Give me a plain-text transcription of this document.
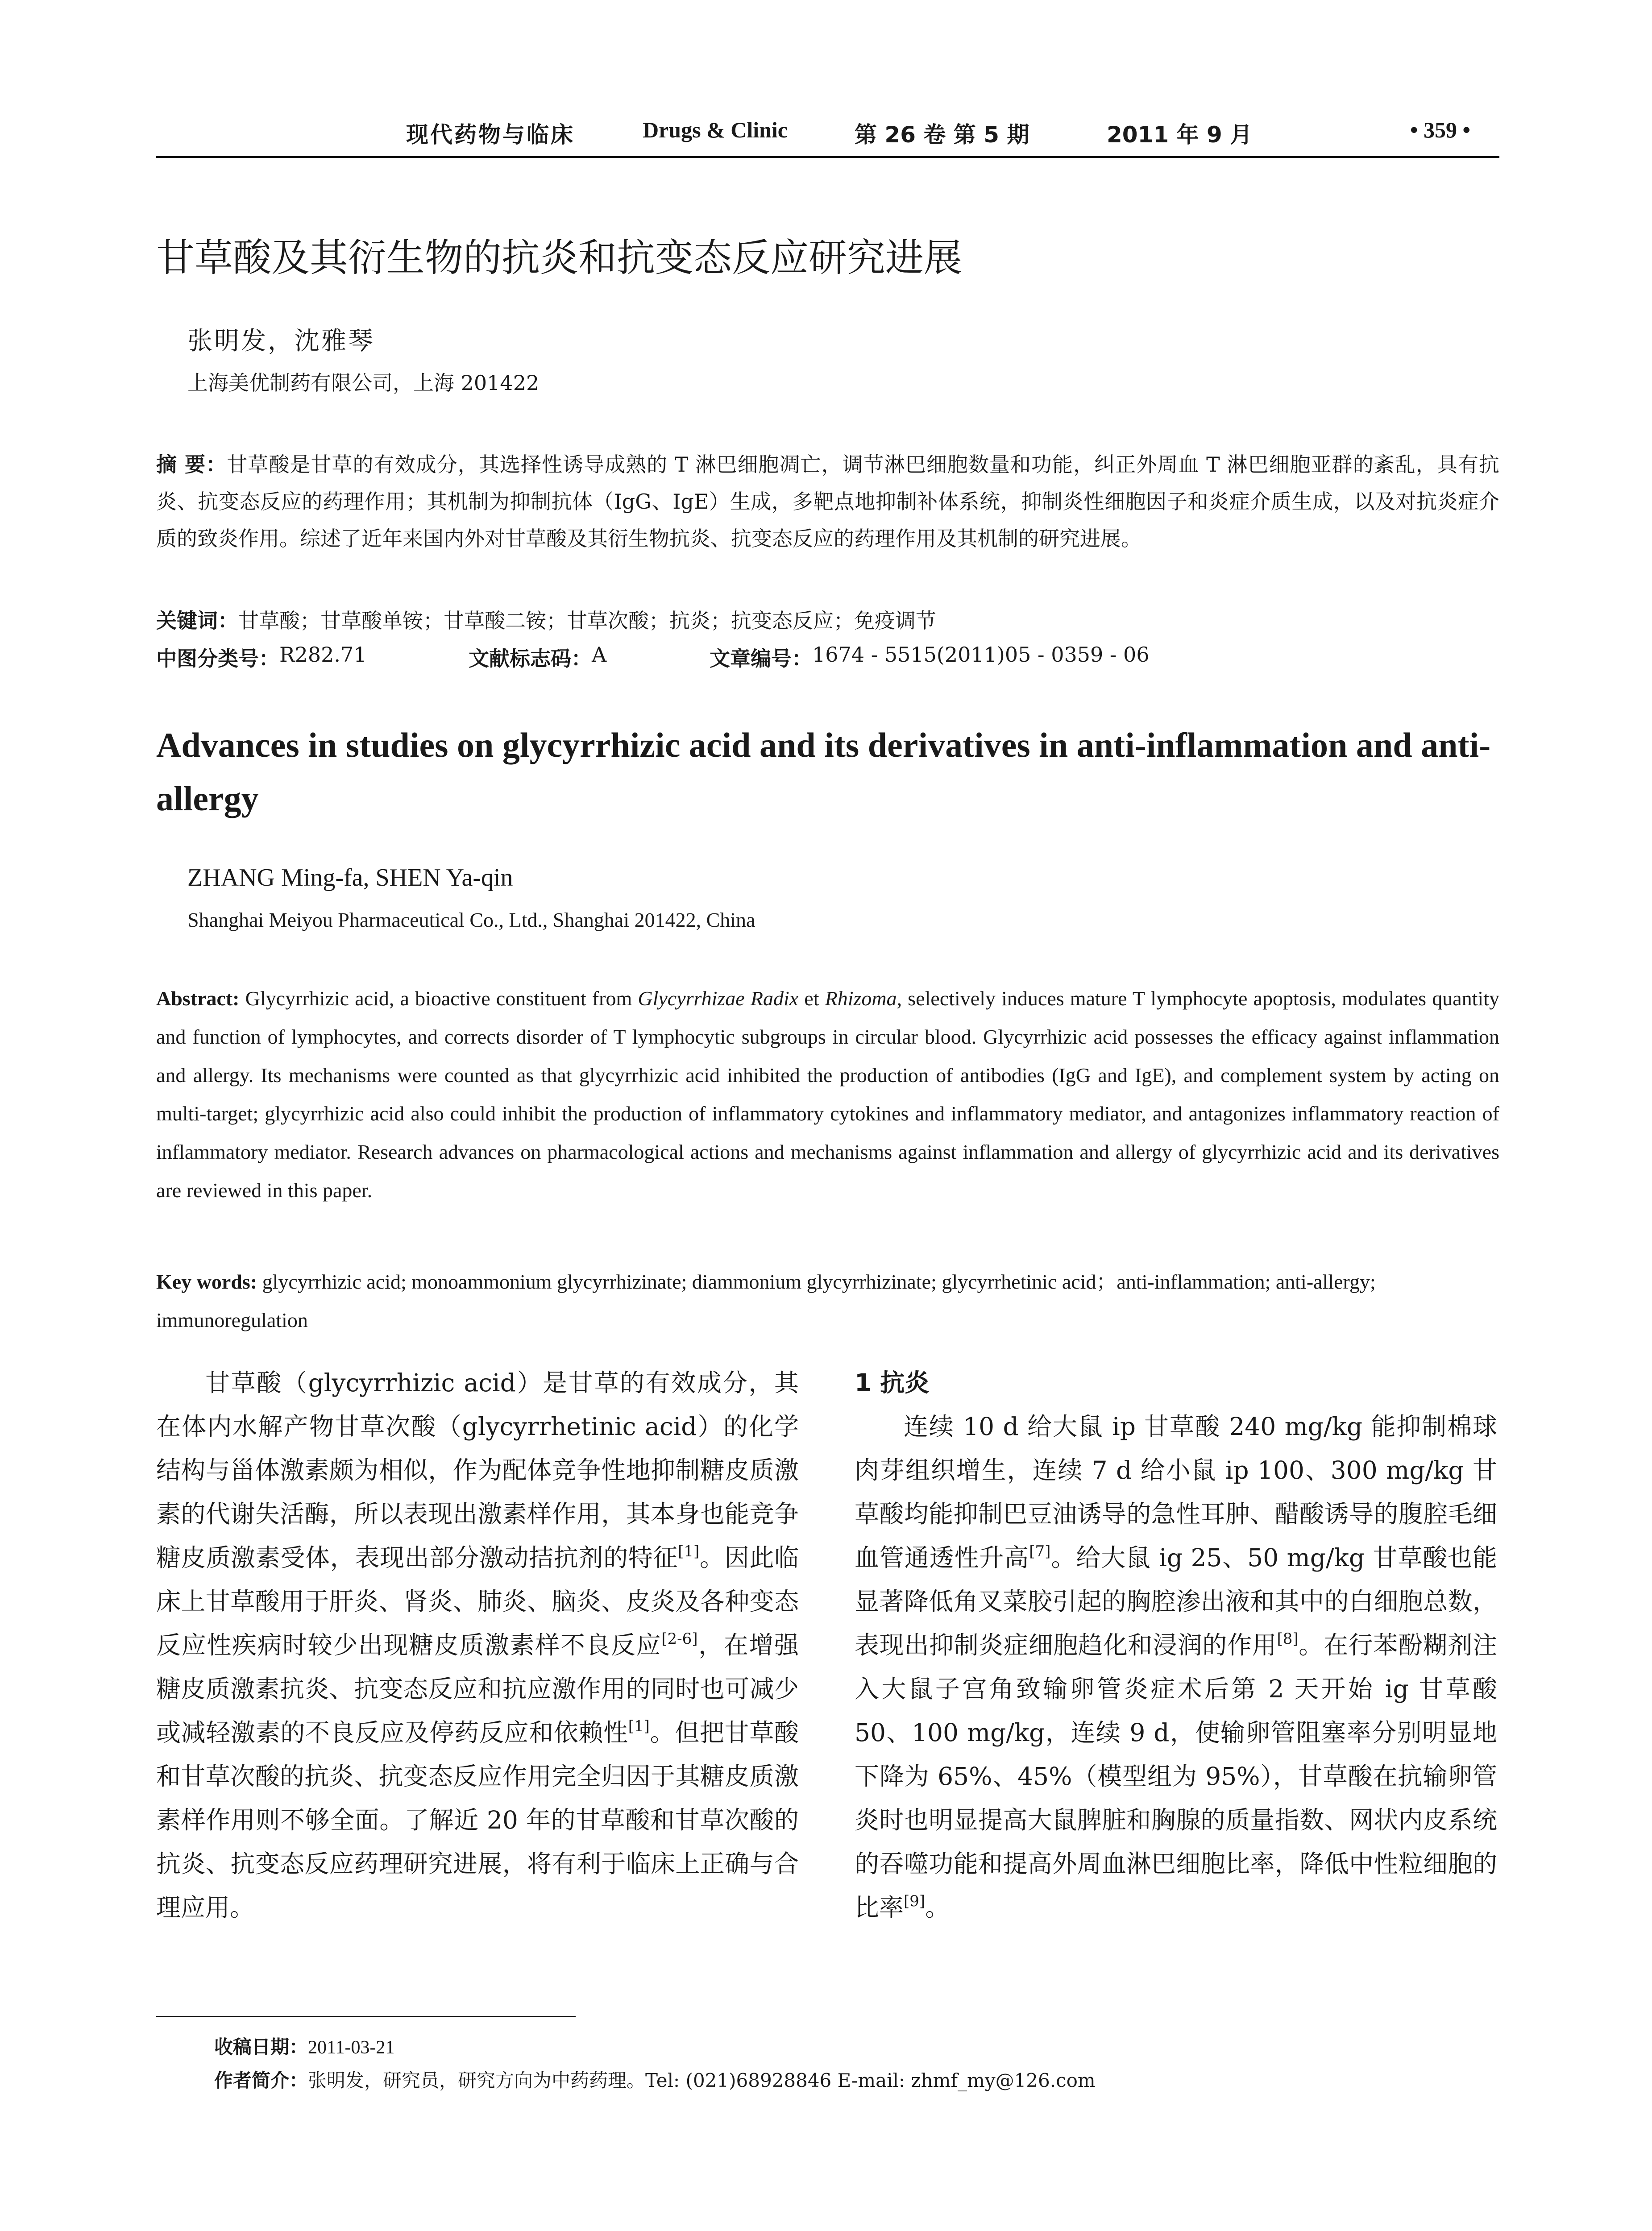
现代药物与临床	Drugs & Clinic	第 26 卷 第 5 期	2011 年 9 月	• 359 •
甘草酸及其衍生物的抗炎和抗变态反应研究进展
张明发，沈雅琴
上海美优制药有限公司，上海 201422
摘 要：甘草酸是甘草的有效成分，其选择性诱导成熟的 T 淋巴细胞凋亡，调节淋巴细胞数量和功能，纠正外周血 T 淋巴细胞亚群的紊乱，具有抗炎、抗变态反应的药理作用；其机制为抑制抗体（IgG、IgE）生成，多靶点地抑制补体系统，抑制炎性细胞因子和炎症介质生成，以及对抗炎症介质的致炎作用。综述了近年来国内外对甘草酸及其衍生物抗炎、抗变态反应的药理作用及其机制的研究进展。
关键词：甘草酸；甘草酸单铵；甘草酸二铵；甘草次酸；抗炎；抗变态反应；免疫调节
中图分类号： R282.71	文献标志码： A	文章编号： 1674 - 5515(2011)05 - 0359 - 06
Advances in studies on glycyrrhizic acid and its derivatives in anti-inflammation and anti-allergy
ZHANG Ming-fa, SHEN Ya-qin
Shanghai Meiyou Pharmaceutical Co., Ltd., Shanghai 201422, China
Abstract: Glycyrrhizic acid, a bioactive constituent from Glycyrrhizae Radix et Rhizoma, selectively induces mature T lymphocyte apoptosis, modulates quantity and function of lymphocytes, and corrects disorder of T lymphocytic subgroups in circular blood. Glycyrrhizic acid possesses the efficacy against inflammation and allergy. Its mechanisms were counted as that glycyrrhizic acid inhibited the production of antibodies (IgG and IgE), and complement system by acting on multi-target; glycyrrhizic acid also could inhibit the production of inflammatory cytokines and inflammatory mediator, and antagonizes inflammatory reaction of inflammatory mediator. Research advances on pharmacological actions and mechanisms against inflammation and allergy of glycyrrhizic acid and its derivatives are reviewed in this paper.
Key words: glycyrrhizic acid; monoammonium glycyrrhizinate; diammonium glycyrrhizinate; glycyrrhetinic acid；anti-inflammation; anti-allergy; immunoregulation
甘草酸（glycyrrhizic acid）是甘草的有效成分，其在体内水解产物甘草次酸（glycyrrhetinic acid）的化学结构与甾体激素颇为相似，作为配体竞争性地抑制糖皮质激素的代谢失活酶，所以表现出激素样作用，其本身也能竞争糖皮质激素受体，表现出部分激动拮抗剂的特征[1]。因此临床上甘草酸用于肝炎、肾炎、肺炎、脑炎、皮炎及各种变态反应性疾病时较少出现糖皮质激素样不良反应[2-6]，在增强糖皮质激素抗炎、抗变态反应和抗应激作用的同时也可减少或减轻激素的不良反应及停药反应和依赖性[1]。但把甘草酸和甘草次酸的抗炎、抗变态反应作用完全归因于其糖皮质激素样作用则不够全面。了解近 20 年的甘草酸和甘草次酸的抗炎、抗变态反应药理研究进展，将有利于临床上正确与合理应用。
1 抗炎
连续 10 d 给大鼠 ip 甘草酸 240 mg/kg 能抑制棉球肉芽组织增生，连续 7 d 给小鼠 ip 100、300 mg/kg 甘草酸均能抑制巴豆油诱导的急性耳肿、醋酸诱导的腹腔毛细血管通透性升高[7]。给大鼠 ig 25、50 mg/kg 甘草酸也能显著降低角叉菜胶引起的胸腔渗出液和其中的白细胞总数，表现出抑制炎症细胞趋化和浸润的作用[8]。在行苯酚糊剂注入大鼠子宫角致输卵管炎症术后第 2 天开始 ig 甘草酸 50、100 mg/kg，连续 9 d，使输卵管阻塞率分别明显地下降为 65%、45%（模型组为 95%），甘草酸在抗输卵管炎时也明显提高大鼠脾脏和胸腺的质量指数、网状内皮系统的吞噬功能和提高外周血淋巴细胞比率，降低中性粒细胞的比率[9]。
收稿日期：2011-03-21
作者简介：张明发，研究员，研究方向为中药药理。Tel: (021)68928846 E-mail: zhmf_my@126.com
